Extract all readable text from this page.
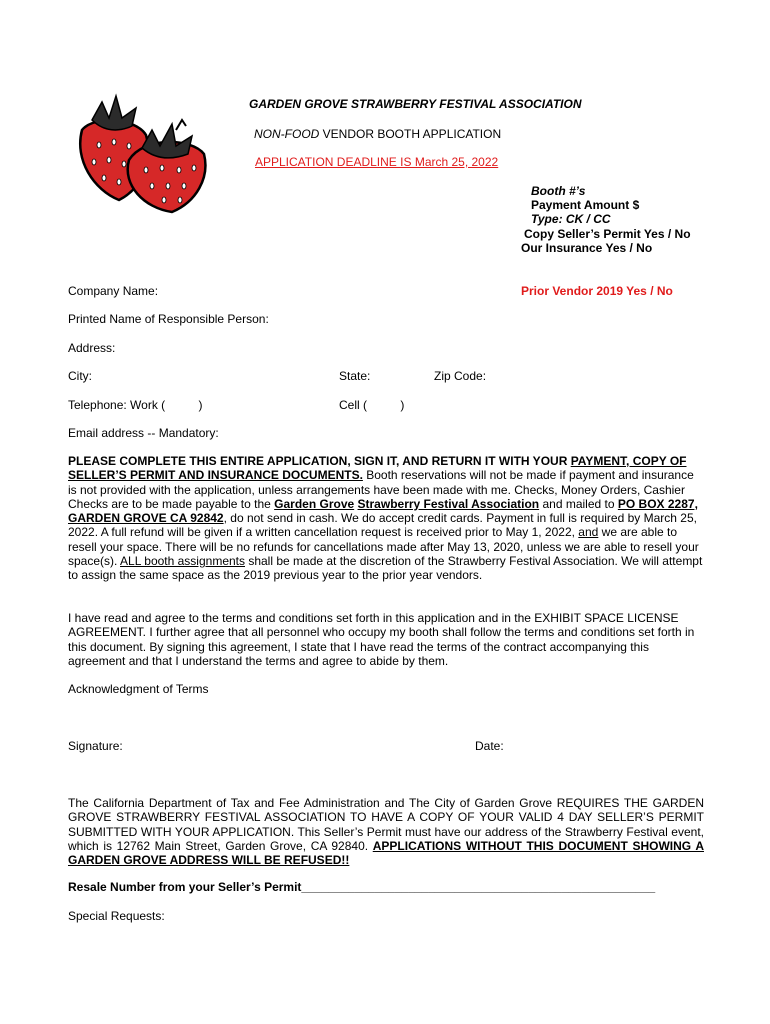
GARDEN GROVE STRAWBERRY FESTIVAL ASSOCIATION
NON-FOOD VENDOR BOOTH APPLICATION
APPLICATION DEADLINE IS March 25, 2022
Booth #’s
Payment Amount $
Type: CK / CC
Copy Seller’s Permit Yes / No
Our Insurance Yes / No
Company Name:	Prior Vendor 2019 Yes / No
Printed Name of Responsible Person:
Address:
City:	State:	Zip Code:
Telephone: Work (          )	Cell (          )
Email address -- Mandatory:
PLEASE COMPLETE THIS ENTIRE APPLICATION, SIGN IT, AND RETURN IT WITH YOUR PAYMENT, COPY OF SELLER’S PERMIT AND INSURANCE DOCUMENTS. Booth reservations will not be made if payment and insurance is not provided with the application, unless arrangements have been made with me. Checks, Money Orders, Cashier Checks are to be made payable to the Garden Grove Strawberry Festival Association and mailed to PO BOX 2287, GARDEN GROVE CA 92842, do not send in cash. We do accept credit cards. Payment in full is required by March 25, 2022. A full refund will be given if a written cancellation request is received prior to May 1, 2022, and we are able to resell your space. There will be no refunds for cancellations made after May 13, 2020, unless we are able to resell your space(s). ALL booth assignments shall be made at the discretion of the Strawberry Festival Association. We will attempt to assign the same space as the 2019 previous year to the prior year vendors.
I have read and agree to the terms and conditions set forth in this application and in the EXHIBIT SPACE LICENSE AGREEMENT. I further agree that all personnel who occupy my booth shall follow the terms and conditions set forth in this document. By signing this agreement, I state that I have read the terms of the contract accompanying this agreement and that I understand the terms and agree to abide by them.
Acknowledgment of Terms
Signature:	Date:
The California Department of Tax and Fee Administration and The City of Garden Grove REQUIRES THE GARDEN GROVE STRAWBERRY FESTIVAL ASSOCIATION TO HAVE A COPY OF YOUR VALID 4 DAY SELLER’S PERMIT SUBMITTED WITH YOUR APPLICATION. This Seller’s Permit must have our address of the Strawberry Festival event, which is 12762 Main Street, Garden Grove, CA 92840. APPLICATIONS WITHOUT THIS DOCUMENT SHOWING A GARDEN GROVE ADDRESS WILL BE REFUSED!!
Resale Number from your Seller’s Permit_____________________________________________________
Special Requests:
